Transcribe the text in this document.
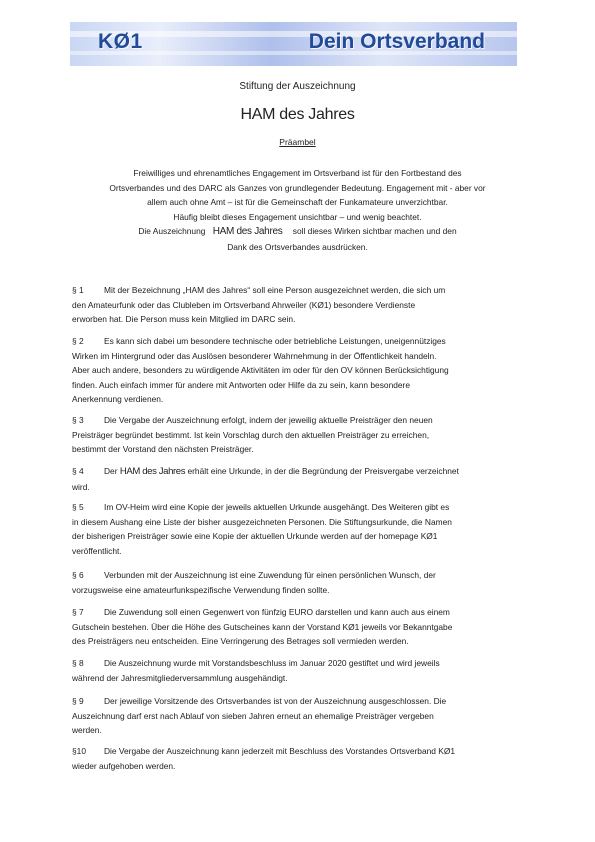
KØ1	Dein Ortsverband
Stiftung der Auszeichnung
HAM des Jahres
Präambel
Freiwilliges und ehrenamtliches Engagement im Ortsverband ist für den Fortbestand des
Ortsverbandes und des DARC als Ganzes von grundlegender Bedeutung. Engagement mit - aber vor
allem auch ohne Amt – ist für die Gemeinschaft der Funkamateure unverzichtbar.
Häufig bleibt dieses Engagement unsichtbar – und wenig beachtet.
Die Auszeichnung HAM des Jahres soll dieses Wirken sichtbar machen und den
Dank des Ortsverbandes ausdrücken.
§ 1 Mit der Bezeichnung „HAM des Jahres“ soll eine Person ausgezeichnet werden, die sich um
den Amateurfunk oder das Clubleben im Ortsverband Ahrweiler (KØ1) besondere Verdienste
erworben hat. Die Person muss kein Mitglied im DARC sein.
§ 2 Es kann sich dabei um besondere technische oder betriebliche Leistungen, uneigennütziges
Wirken im Hintergrund oder das Auslösen besonderer Wahrnehmung in der Öffentlichkeit handeln.
Aber auch andere, besonders zu würdigende Aktivitäten im oder für den OV können Berücksichtigung
finden. Auch einfach immer für andere mit Antworten oder Hilfe da zu sein, kann besondere
Anerkennung verdienen.
§ 3 Die Vergabe der Auszeichnung erfolgt, indem der jeweilig aktuelle Preisträger den neuen
Preisträger begründet bestimmt. Ist kein Vorschlag durch den aktuellen Preisträger zu erreichen,
bestimmt der Vorstand den nächsten Preisträger.
§ 4 Der HAM des Jahres erhält eine Urkunde, in der die Begründung der Preisvergabe verzeichnet
wird.
§ 5 Im OV-Heim wird eine Kopie der jeweils aktuellen Urkunde ausgehängt. Des Weiteren gibt es
in diesem Aushang eine Liste der bisher ausgezeichneten Personen. Die Stiftungsurkunde, die Namen
der bisherigen Preisträger sowie eine Kopie der aktuellen Urkunde werden auf der homepage KØ1
veröffentlicht.
§ 6 Verbunden mit der Auszeichnung ist eine Zuwendung für einen persönlichen Wunsch, der
vorzugsweise eine amateurfunkspezifische Verwendung finden sollte.
§ 7 Die Zuwendung soll einen Gegenwert von fünfzig EURO darstellen und kann auch aus einem
Gutschein bestehen. Über die Höhe des Gutscheines kann der Vorstand KØ1 jeweils vor Bekanntgabe
des Preisträgers neu entscheiden. Eine Verringerung des Betrages soll vermieden werden.
§ 8 Die Auszeichnung wurde mit Vorstandsbeschluss im Januar 2020 gestiftet und wird jeweils
während der Jahresmitgliederversammlung ausgehändigt.
§ 9 Der jeweilige Vorsitzende des Ortsverbandes ist von der Auszeichnung ausgeschlossen. Die
Auszeichnung darf erst nach Ablauf von sieben Jahren erneut an ehemalige Preisträger vergeben
werden.
§10 Die Vergabe der Auszeichnung kann jederzeit mit Beschluss des Vorstandes Ortsverband KØ1
wieder aufgehoben werden.
